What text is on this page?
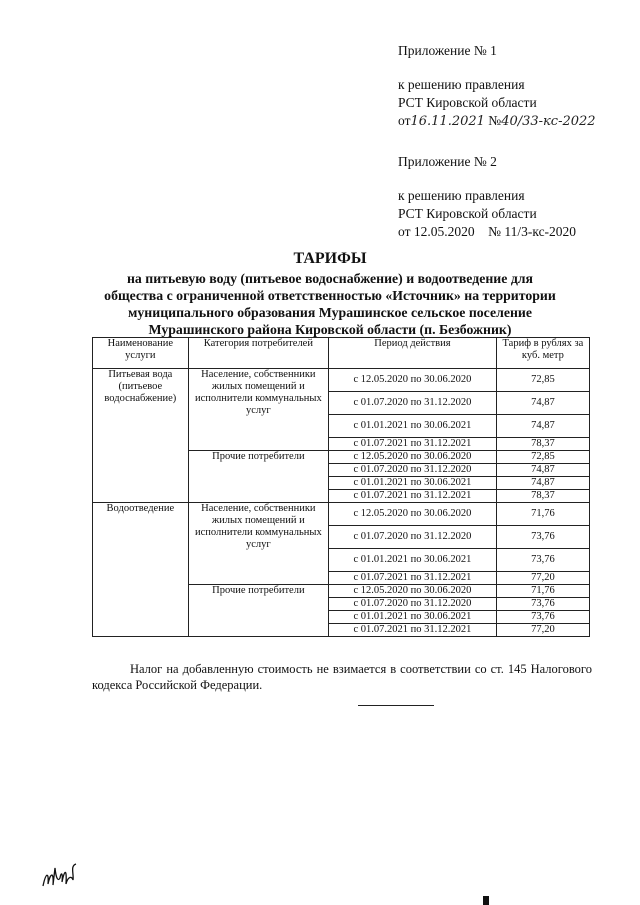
Приложение № 1
к решению правления
РСТ Кировской области
от16.11.2021 №40/33-кс-2022
Приложение № 2
к решению правления
РСТ Кировской области
от 12.05.2020    № 11/3-кс-2020
ТАРИФЫ
на питьевую воду (питьевое водоснабжение) и водоотведение для
общества с ограниченной ответственностью «Источник» на территории
муниципального образования Мурашинское сельское поселение
Мурашинского района Кировской области (п. Безбожник)
Наименование услуги	Категория потребителей	Период действия	Тариф в рублях за куб. метр
Питьевая вода (питьевое водоснабжение)	Население, собственники жилых помещений и исполнители коммунальных услуг	с 12.05.2020 по 30.06.2020	72,85
		с 01.07.2020 по 31.12.2020	74,87
		с 01.01.2021 по 30.06.2021	74,87
		с 01.07.2021 по 31.12.2021	78,37
	Прочие потребители	с 12.05.2020 по 30.06.2020	72,85
		с 01.07.2020 по 31.12.2020	74,87
		с 01.01.2021 по 30.06.2021	74,87
		с 01.07.2021 по 31.12.2021	78,37
Водоотведение	Население, собственники жилых помещений и исполнители коммунальных услуг	с 12.05.2020 по 30.06.2020	71,76
		с 01.07.2020 по 31.12.2020	73,76
		с 01.01.2021 по 30.06.2021	73,76
		с 01.07.2021 по 31.12.2021	77,20
	Прочие потребители	с 12.05.2020 по 30.06.2020	71,76
		с 01.07.2020 по 31.12.2020	73,76
		с 01.01.2021 по 30.06.2021	73,76
		с 01.07.2021 по 31.12.2021	77,20
Налог на добавленную стоимость не взимается в соответствии со ст. 145 Налогового кодекса Российской Федерации.
